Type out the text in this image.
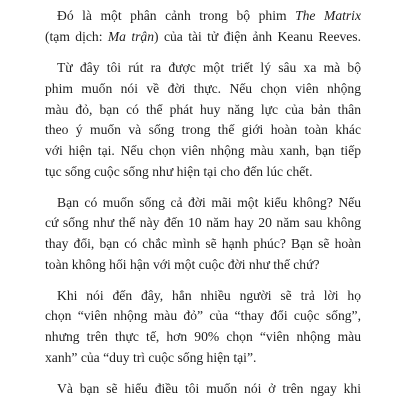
Đó là một phân cảnh trong bộ phim The Matrix
(tạm dịch: Ma trận) của tài tử điện ảnh Keanu Reeves.
Từ đây tôi rút ra được một triết lý sâu xa mà bộ
phim muốn nói về đời thực. Nếu chọn viên nhộng
màu đỏ, bạn có thể phát huy năng lực của bản thân
theo ý muốn và sống trong thế giới hoàn toàn khác
với hiện tại. Nếu chọn viên nhộng màu xanh, bạn tiếp
tục sống cuộc sống như hiện tại cho đến lúc chết.
Bạn có muốn sống cả đời mãi một kiểu không? Nếu
cứ sống như thế này đến 10 năm hay 20 năm sau không
thay đổi, bạn có chắc mình sẽ hạnh phúc? Bạn sẽ hoàn
toàn không hối hận với một cuộc đời như thế chứ?
Khi nói đến đây, hẳn nhiều người sẽ trả lời họ
chọn “viên nhộng màu đỏ” của “thay đổi cuộc sống”,
nhưng trên thực tế, hơn 90% chọn “viên nhộng màu
xanh” của “duy trì cuộc sống hiện tại”.
Và bạn sẽ hiểu điều tôi muốn nói ở trên ngay khi
